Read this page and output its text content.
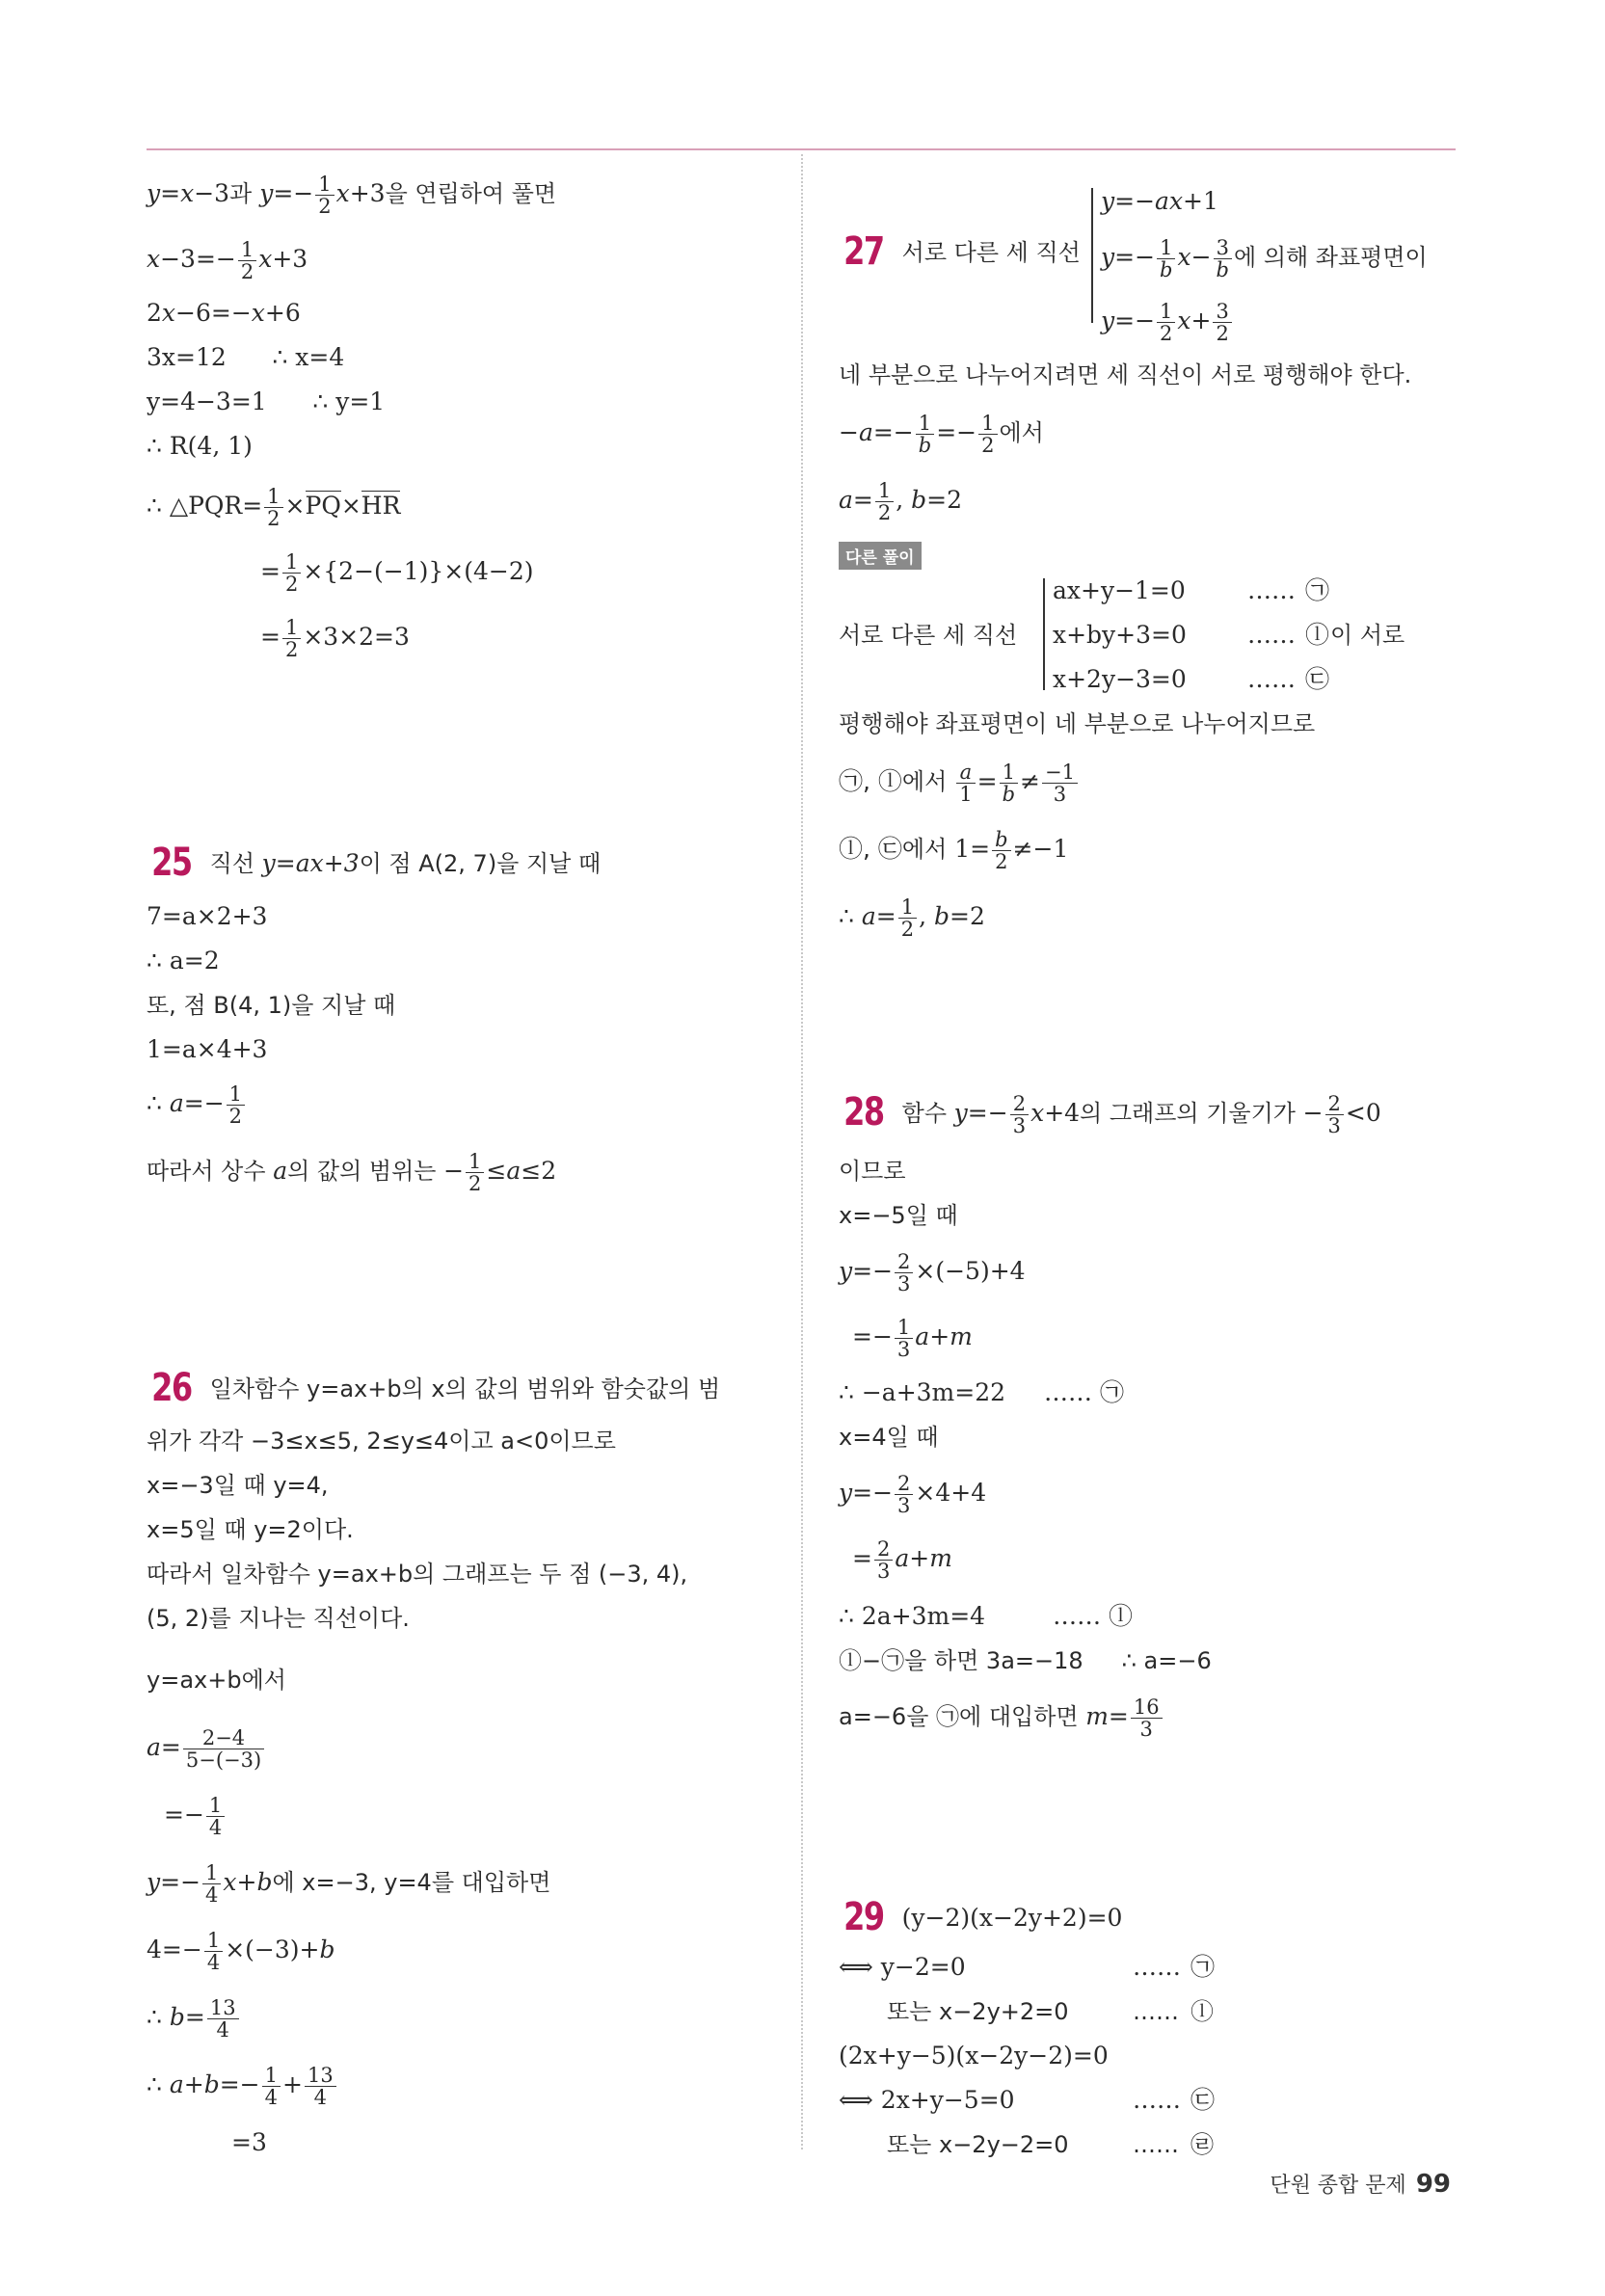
y=x−3과 $y=- \frac{1}{2} x+3$을 연립하여 풀면
$x-3=- \frac{1}{2} x+3$
2x−6=−x+6
3x=12 ∴ x=4
y=4−3=1 ∴ y=1
∴ R(4, 1)
∴ △PQR= $\frac{1}{2} \times PQ\times HR$
= $\frac{1}{2} \times\{2-(-1)\}\times(4-2)$
= $\frac{1}{2} \times 3\times 2=3$
25 직선 y=ax+3이 점 A(2, 7)을 지날 때
7=a×2+3
∴ a=2
또, 점 B(4, 1)을 지날 때
1=a×4+3
∴ $a=- \frac{1}{2}$
따라서 상수 a의 값의 범위는 − $\frac{1}{2} \le a\le 2$
26 일차함수 y=ax+b의 x의 값의 범위와 함숫값의 범
위가 각각 −3≤x≤5, 2≤y≤4이고 a<0이므로
x=−3일 때 y=4,
x=5일 때 y=2이다.
따라서 일차함수 y=ax+b의 그래프는 두 점 (−3, 4),
(5, 2)를 지나는 직선이다.
y=ax+b에서
$a= \frac{2-4}{5-(-3)}$
=− $\frac{1}{4}$
$y=- \frac{1}{4} x+b$에 x=−3, y=4를 대입하면
$4=- \frac{1}{4} \times(-3)+b$
∴ $b= \frac{13}{4}$
∴ $a+b=- \frac{1}{4} + \frac{13}{4}$
=3
y=−ax+1
27 서로 다른 세 직선 $y=- \frac{1}{b} x- \frac{3}{b}$ 에 의해 좌표평면이
$y=- \frac{1}{2} x+ \frac{3}{2}$
네 부분으로 나누어지려면 세 직선이 서로 평행해야 한다.
$-a=- \frac{1}{b} =- \frac{1}{2}$ 에서
$a= \frac{1}{2}$ , b=2
다른 풀이
ax+y−1=0	…… ㉠
서로 다른 세 직선 x+by+3=0	…… ⓛ 이 서로
x+2y−3=0	…… ㉢
평행해야 좌표평면이 네 부분으로 나누어지므로
㉠, ⓛ에서 $\frac{a}{1} = \frac{1}{b} \ne \frac{-1}{3}$
ⓛ, ㉢에서 $1= \frac{b}{2} \ne-1$
∴ $a= \frac{1}{2}$ , b=2
28 함수 $y=- \frac{2}{3} x+4$의 그래프의 기울기가 − $\frac{2}{3} <0$
이므로
x=−5일 때
$y=- \frac{2}{3} \times(-5)+4$
=− $\frac{1}{3} a+m$
∴ −a+3m=22 …… ㉠
x=4일 때
$y=- \frac{2}{3} \times 4+4$
= $\frac{2}{3} a+m$
∴ 2a+3m=4	…… ⓛ
ⓛ−㉠을 하면 3a=−18 ∴ a=−6
a=−6을 ㉠에 대입하면 $m= \frac{16}{3}$
29 (y−2)(x−2y+2)=0
⟺ y−2=0	…… ㉠
또는 x−2y+2=0	…… ⓛ
(2x+y−5)(x−2y−2)=0
⟺ 2x+y−5=0	…… ㉢
또는 x−2y−2=0	…… ㉣
단원 종합 문제 99
